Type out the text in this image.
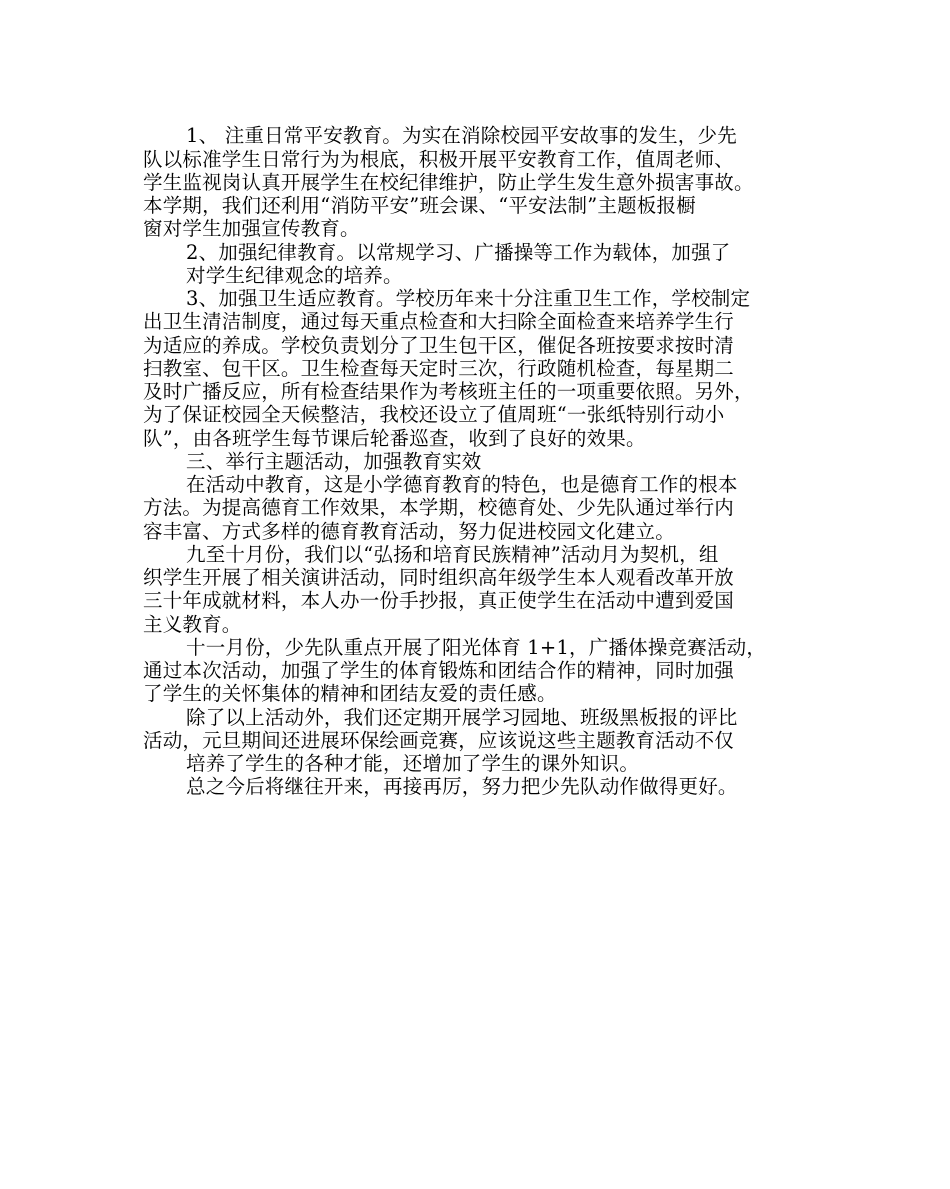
1、 注重日常平安教育。为实在消除校园平安故事的发生，少先
队以标准学生日常行为为根底，积极开展平安教育工作，值周老师、
学生监视岗认真开展学生在校纪律维护，防止学生发生意外损害事故。
本学期，我们还利用“消防平安”班会课、“平安法制”主题板报橱
窗对学生加强宣传教育。
2、加强纪律教育。以常规学习、广播操等工作为载体，加强了
对学生纪律观念的培养。
3、加强卫生适应教育。学校历年来十分注重卫生工作，学校制定
出卫生清洁制度，通过每天重点检查和大扫除全面检查来培养学生行
为适应的养成。学校负责划分了卫生包干区，催促各班按要求按时清
扫教室、包干区。卫生检查每天定时三次，行政随机检查，每星期二
及时广播反应，所有检查结果作为考核班主任的一项重要依照。另外，
为了保证校园全天候整洁，我校还设立了值周班“一张纸特别行动小
队”，由各班学生每节课后轮番巡查，收到了良好的效果。
三、举行主题活动，加强教育实效
在活动中教育，这是小学德育教育的特色，也是德育工作的根本
方法。为提高德育工作效果，本学期，校德育处、少先队通过举行内
容丰富、方式多样的德育教育活动，努力促进校园文化建立。
九至十月份，我们以“弘扬和培育民族精神”活动月为契机，组
织学生开展了相关演讲活动，同时组织高年级学生本人观看改革开放
三十年成就材料，本人办一份手抄报，真正使学生在活动中遭到爱国
主义教育。
十一月份，少先队重点开展了阳光体育 1+1，广播体操竞赛活动，
通过本次活动，加强了学生的体育锻炼和团结合作的精神，同时加强
了学生的关怀集体的精神和团结友爱的责任感。
除了以上活动外，我们还定期开展学习园地、班级黑板报的评比
活动，元旦期间还进展环保绘画竞赛，应该说这些主题教育活动不仅
培养了学生的各种才能，还增加了学生的课外知识。
总之今后将继往开来，再接再厉，努力把少先队动作做得更好。
